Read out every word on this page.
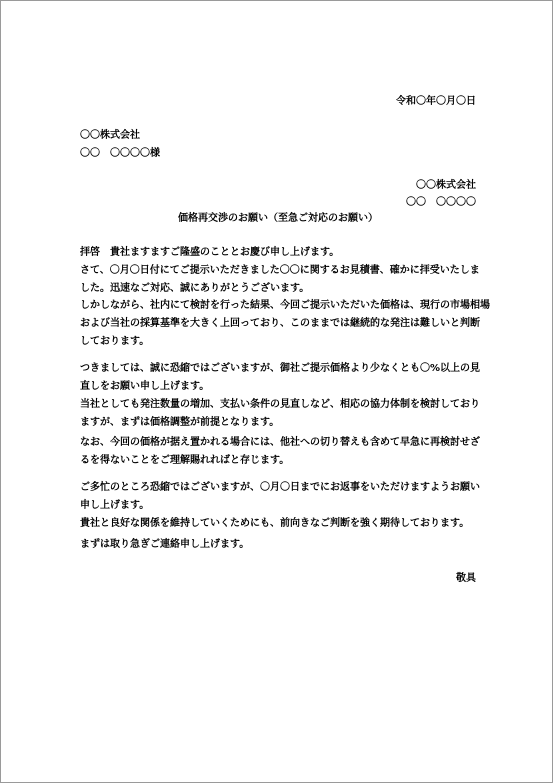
令和〇年〇月〇日
〇〇株式会社
〇〇　〇〇〇〇様
〇〇株式会社
〇〇　〇〇〇〇
価格再交渉のお願い（至急ご対応のお願い）

拝啓　貴社ますますご隆盛のこととお慶び申し上げます。

さて、〇月〇日付にてご提示いただきました〇〇に関するお見積書、確かに拝受いたしま

した。迅速なご対応、誠にありがとうございます。

しかしながら、社内にて検討を行った結果、今回ご提示いただいた価格は、現行の市場相場

および当社の採算基準を大きく上回っており、このままでは継続的な発注は難しいと判断

しております。

つきましては、誠に恐縮ではございますが、御社ご提示価格より少なくとも〇%以上の見

直しをお願い申し上げます。

当社としても発注数量の増加、支払い条件の見直しなど、相応の協力体制を検討しており

ますが、まずは価格調整が前提となります。

なお、今回の価格が据え置かれる場合には、他社への切り替えも含めて早急に再検討せざ

るを得ないことをご理解賜れればと存じます。

ご多忙のところ恐縮ではございますが、〇月〇日までにお返事をいただけますようお願い

申し上げます。

貴社と良好な関係を維持していくためにも、前向きなご判断を強く期待しております。

まずは取り急ぎご連絡申し上げます。

敬具
